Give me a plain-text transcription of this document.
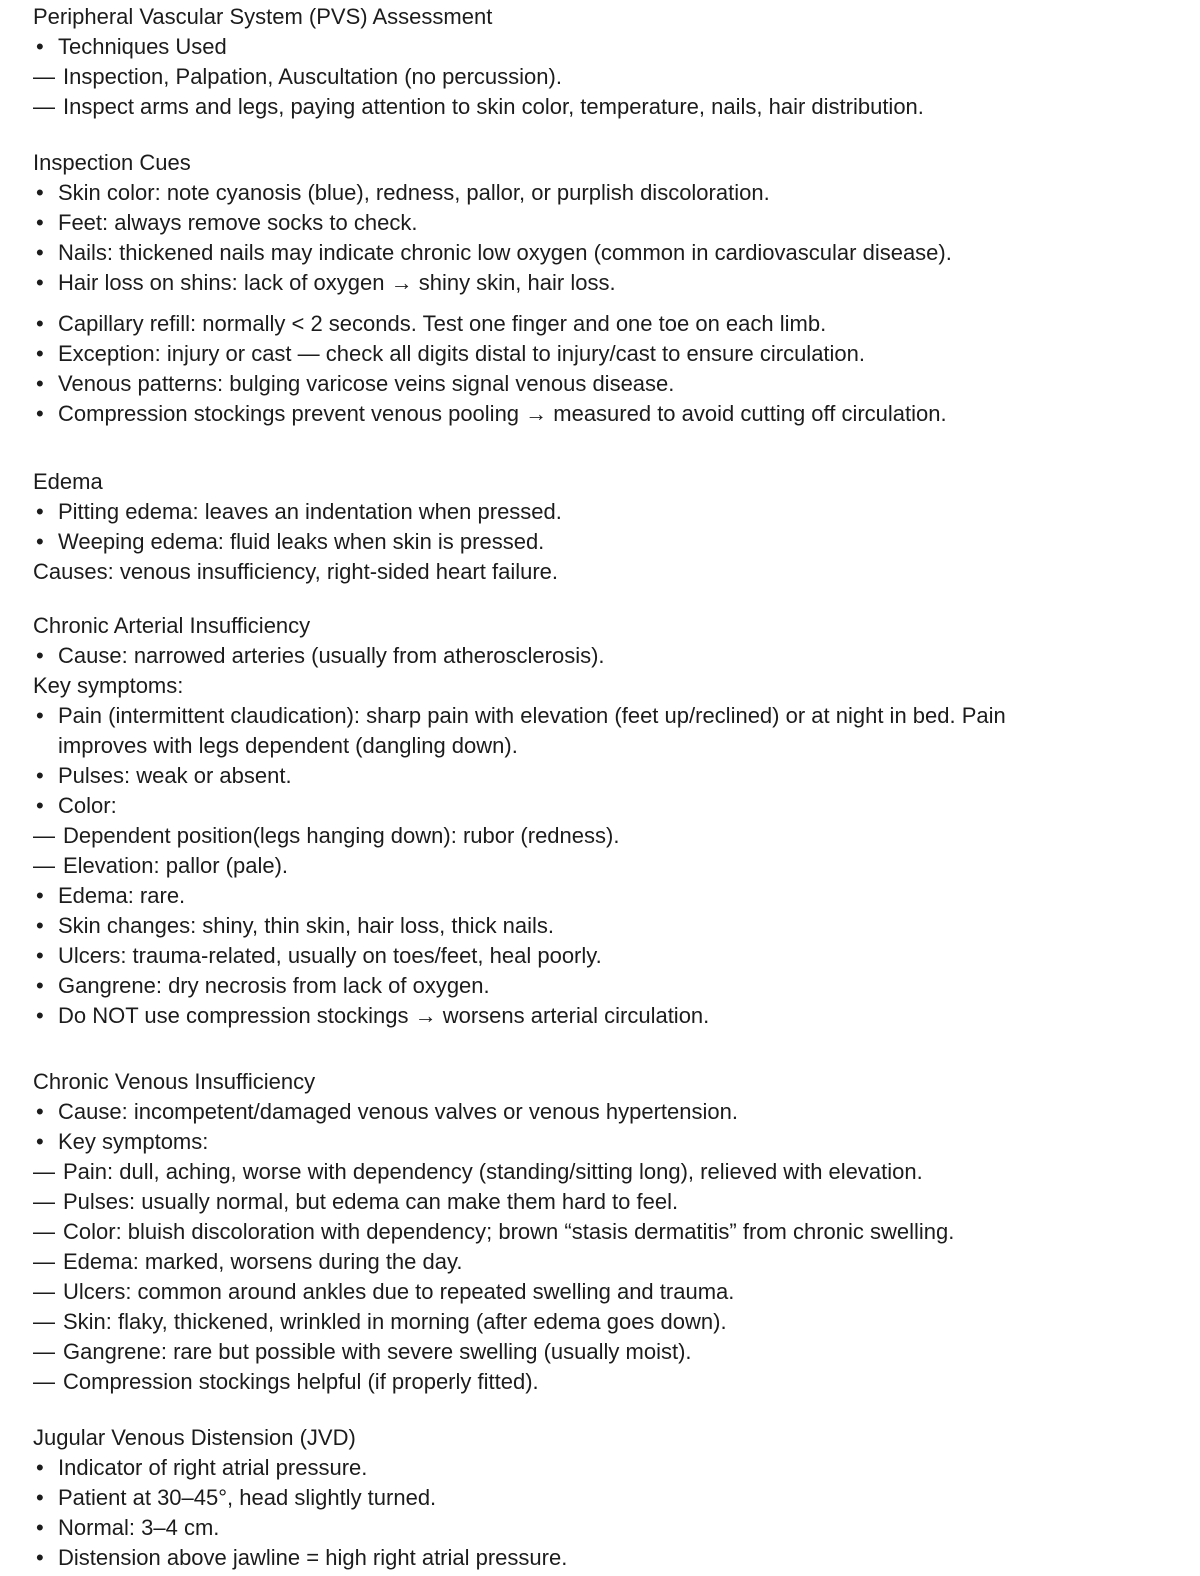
Peripheral Vascular System (PVS) Assessment
• Techniques Used
— Inspection, Palpation, Auscultation (no percussion).
— Inspect arms and legs, paying attention to skin color, temperature, nails, hair distribution.
Inspection Cues
• Skin color: note cyanosis (blue), redness, pallor, or purplish discoloration.
• Feet: always remove socks to check.
• Nails: thickened nails may indicate chronic low oxygen (common in cardiovascular disease).
• Hair loss on shins: lack of oxygen → shiny skin, hair loss.
• Capillary refill: normally < 2 seconds. Test one finger and one toe on each limb.
• Exception: injury or cast — check all digits distal to injury/cast to ensure circulation.
• Venous patterns: bulging varicose veins signal venous disease.
• Compression stockings prevent venous pooling → measured to avoid cutting off circulation.
Edema
• Pitting edema: leaves an indentation when pressed.
• Weeping edema: fluid leaks when skin is pressed.
Causes: venous insufficiency, right-sided heart failure.
Chronic Arterial Insufficiency
• Cause: narrowed arteries (usually from atherosclerosis).
Key symptoms:
• Pain (intermittent claudication): sharp pain with elevation (feet up/reclined) or at night in bed. Pain
improves with legs dependent (dangling down).
• Pulses: weak or absent.
• Color:
— Dependent position(legs hanging down): rubor (redness).
— Elevation: pallor (pale).
• Edema: rare.
• Skin changes: shiny, thin skin, hair loss, thick nails.
• Ulcers: trauma-related, usually on toes/feet, heal poorly.
• Gangrene: dry necrosis from lack of oxygen.
• Do NOT use compression stockings → worsens arterial circulation.
Chronic Venous Insufficiency
• Cause: incompetent/damaged venous valves or venous hypertension.
• Key symptoms:
— Pain: dull, aching, worse with dependency (standing/sitting long), relieved with elevation.
— Pulses: usually normal, but edema can make them hard to feel.
— Color: bluish discoloration with dependency; brown “stasis dermatitis” from chronic swelling.
— Edema: marked, worsens during the day.
— Ulcers: common around ankles due to repeated swelling and trauma.
— Skin: flaky, thickened, wrinkled in morning (after edema goes down).
— Gangrene: rare but possible with severe swelling (usually moist).
— Compression stockings helpful (if properly fitted).
Jugular Venous Distension (JVD)
• Indicator of right atrial pressure.
• Patient at 30–45°, head slightly turned.
• Normal: 3–4 cm.
• Distension above jawline = high right atrial pressure.
